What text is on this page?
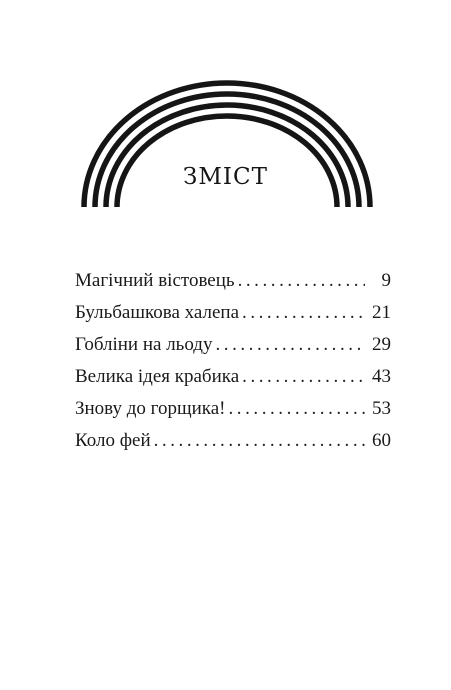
ЗМІСТ
Магічний вістовець . . .	9
Бульбашкова халепа . . .	21
Гобліни на льоду . . .	29
Велика ідея крабика . . .	43
Знову до горщика! . . .	53
Коло фей . . .	60
